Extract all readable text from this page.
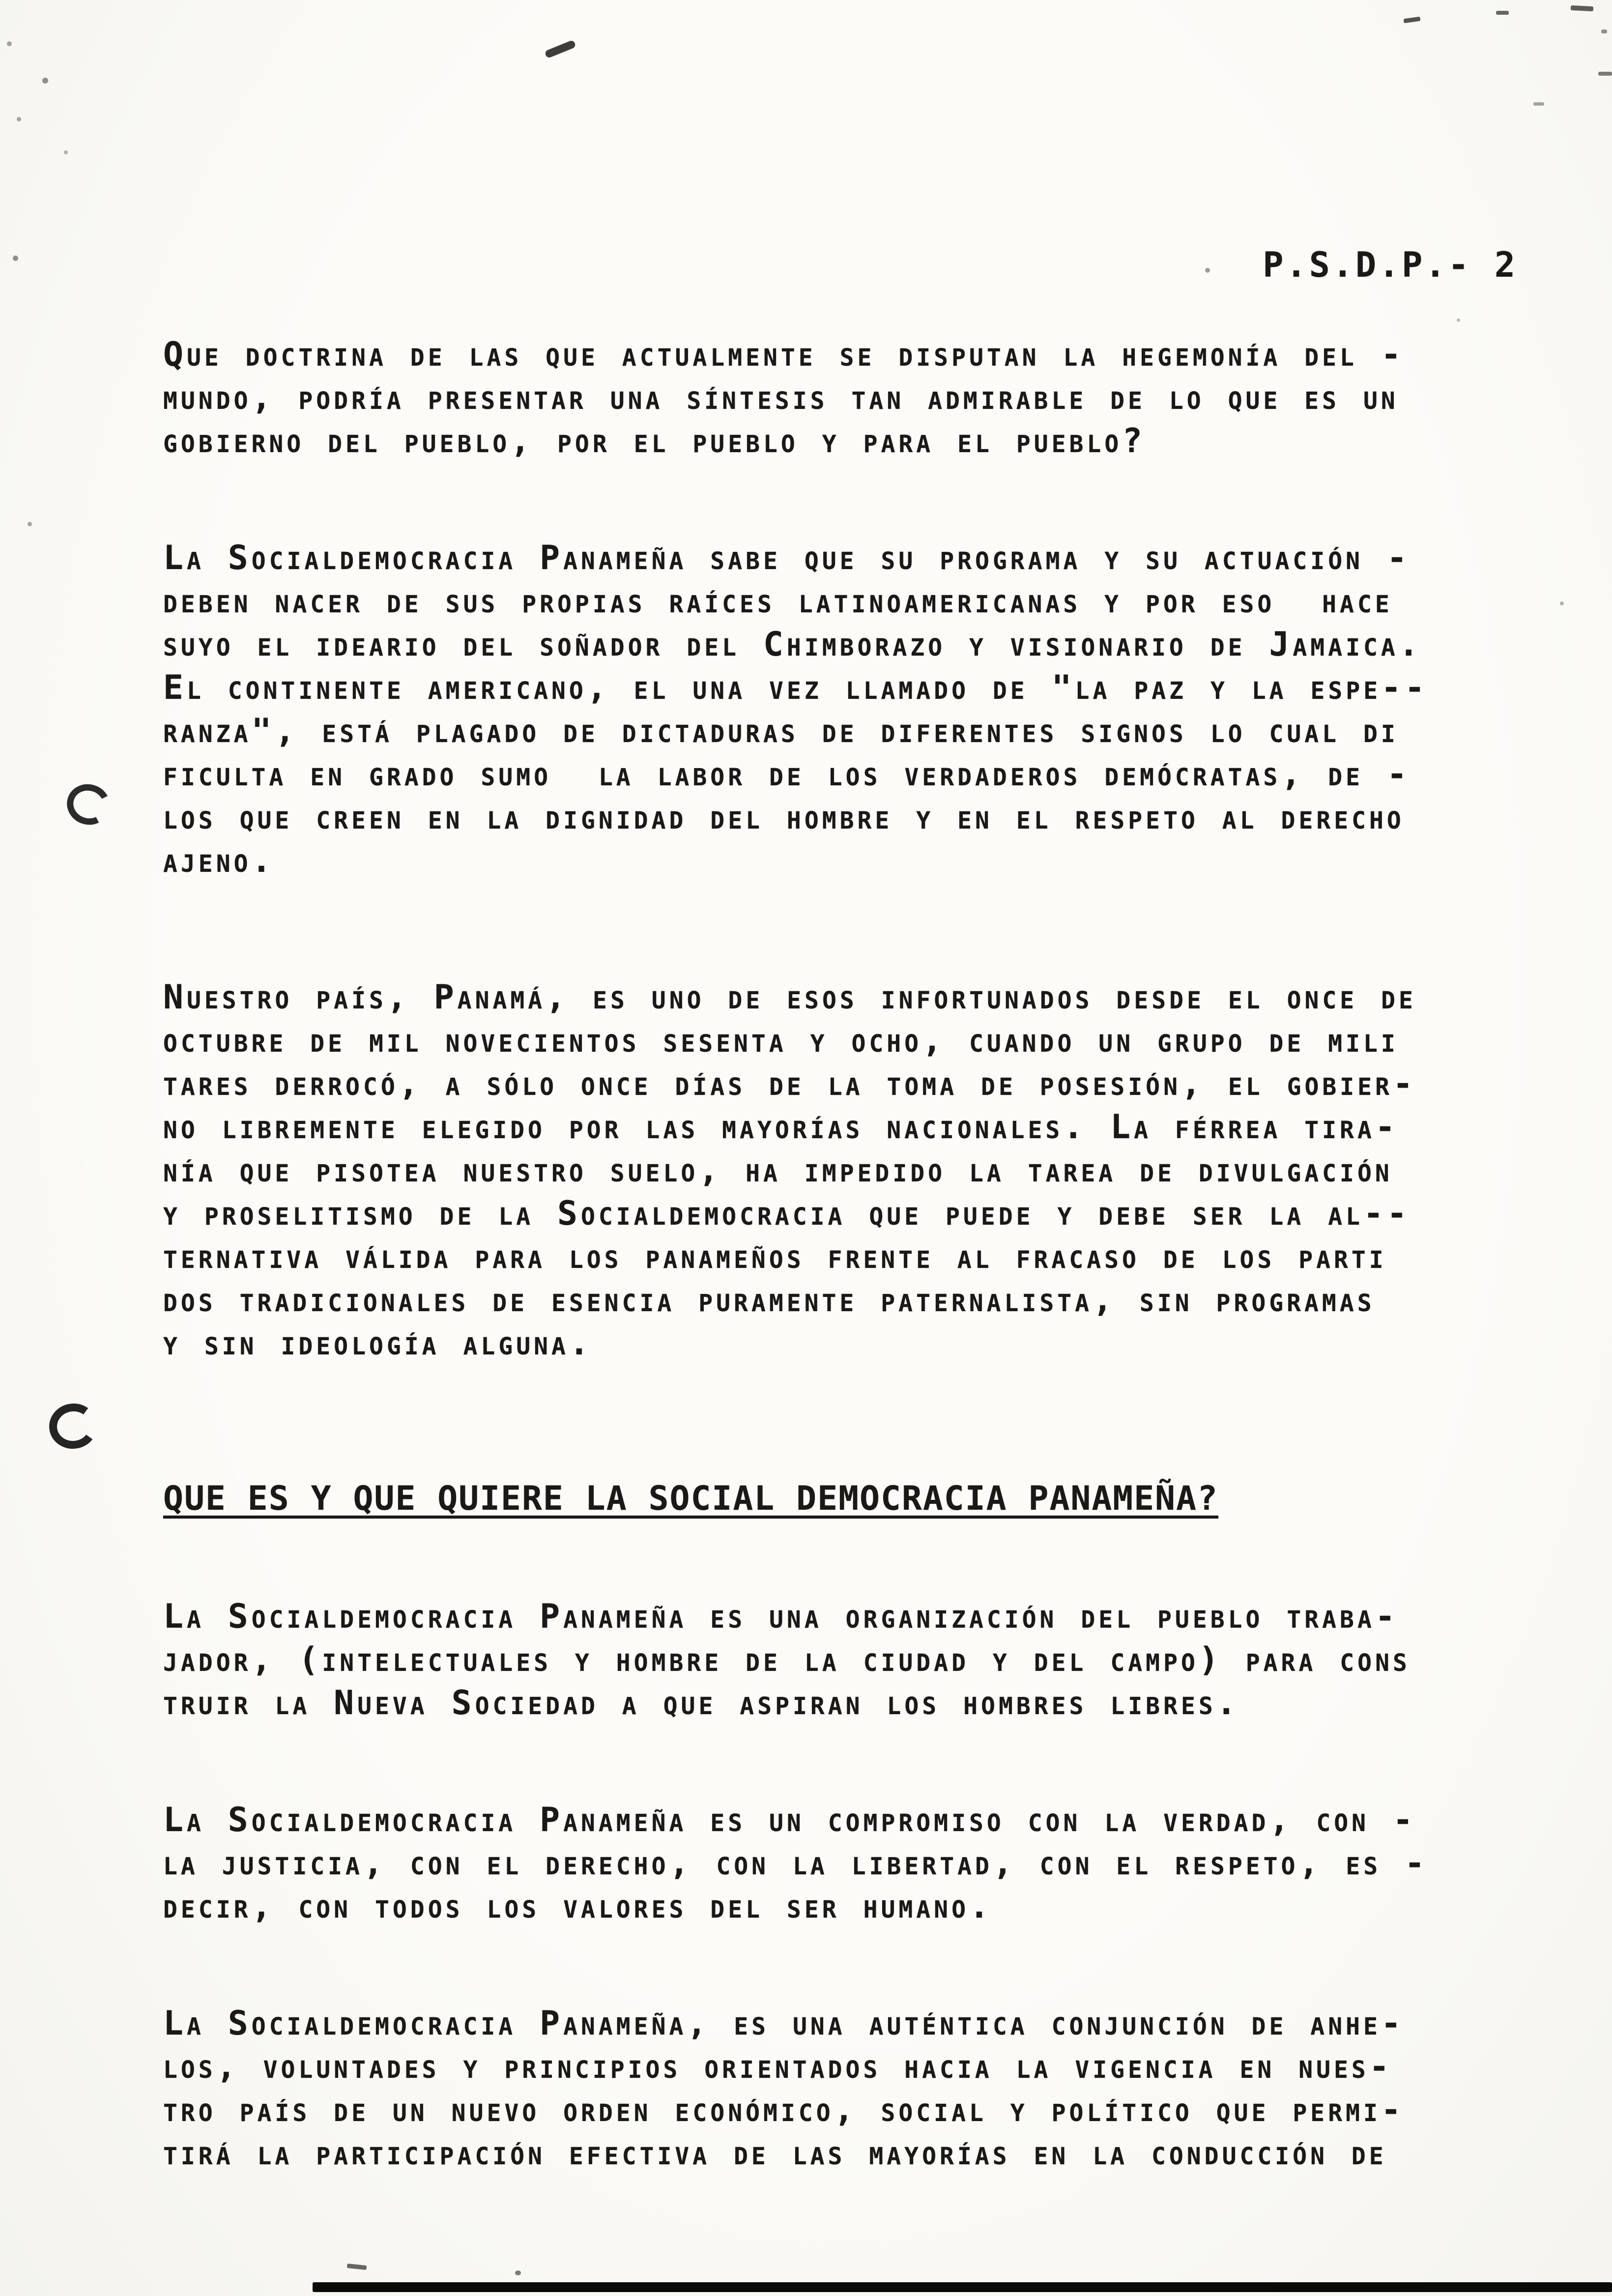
P.S.D.P.- 2

Que doctrina de las que actualmente se disputan la hegemonía del -
mundo, podría presentar una síntesis tan admirable de lo que es un
gobierno del pueblo, por el pueblo y para el pueblo?

La Socialdemocracia Panameña sabe que su programa y su actuación -
deben nacer de sus propias raíces latinoamericanas y por eso  hace
suyo el ideario del soñador del Chimborazo y visionario de Jamaica.
El continente americano, el una vez llamado de "la paz y la espe--
ranza", está plagado de dictaduras de diferentes signos lo cual di
ficulta en grado sumo  la labor de los verdaderos demócratas, de -
los que creen en la dignidad del hombre y en el respeto al derecho
ajeno.

Nuestro país, Panamá, es uno de esos infortunados desde el once de
octubre de mil novecientos sesenta y ocho, cuando un grupo de mili
tares derrocó, a sólo once días de la toma de posesión, el gobier-
no libremente elegido por las mayorías nacionales. La férrea tira-
nía que pisotea nuestro suelo, ha impedido la tarea de divulgación
y proselitismo de la Socialdemocracia que puede y debe ser la al--
ternativa válida para los panameños frente al fracaso de los parti
dos tradicionales de esencia puramente paternalista, sin programas
y sin ideología alguna.

QUE ES Y QUE QUIERE LA SOCIAL DEMOCRACIA PANAMEÑA?

La Socialdemocracia Panameña es una organización del pueblo traba-
jador, (intelectuales y hombre de la ciudad y del campo) para cons
truir la Nueva Sociedad a que aspiran los hombres libres.

La Socialdemocracia Panameña es un compromiso con la verdad, con -
la justicia, con el derecho, con la libertad, con el respeto, es -
decir, con todos los valores del ser humano.

La Socialdemocracia Panameña, es una auténtica conjunción de anhe-
los, voluntades y principios orientados hacia la vigencia en nues-
tro país de un nuevo orden económico, social y político que permi-
tirá la participación efectiva de las mayorías en la conducción de
